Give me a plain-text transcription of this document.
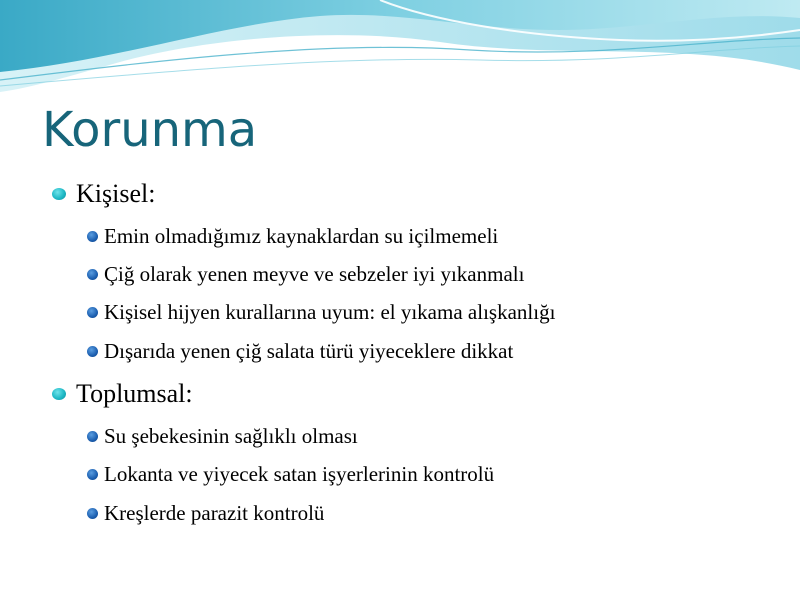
Korunma
Kişisel:
Emin olmadığımız kaynaklardan su içilmemeli
Çiğ olarak yenen meyve ve sebzeler iyi yıkanmalı
Kişisel hijyen kurallarına uyum: el yıkama alışkanlığı
Dışarıda yenen çiğ salata türü yiyeceklere dikkat
Toplumsal:
Su şebekesinin sağlıklı olması
Lokanta ve yiyecek satan işyerlerinin kontrolü
Kreşlerde parazit kontrolü
